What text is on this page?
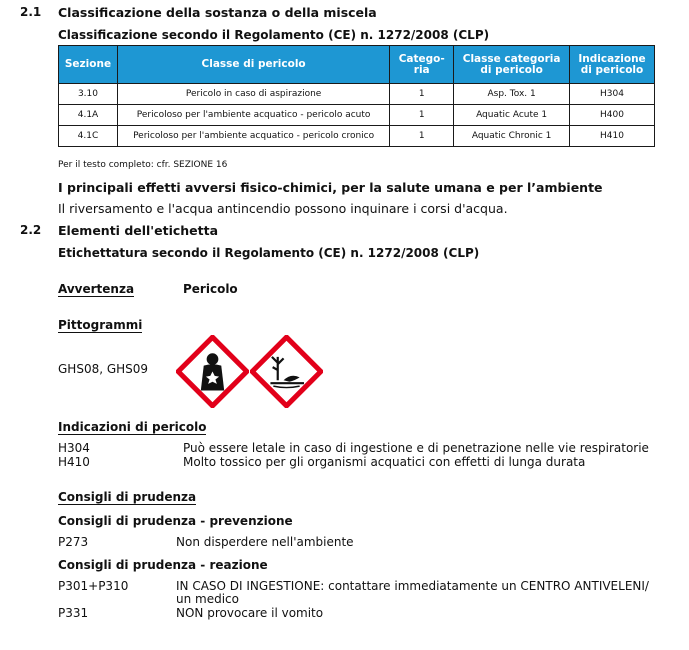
2.1 Classificazione della sostanza o della miscela
Classificazione secondo il Regolamento (CE) n. 1272/2008 (CLP)
Sezione	Classe di pericolo	Catego-ria	Classe categoria di pericolo	Indicazione di pericolo
3.10	Pericolo in caso di aspirazione	1	Asp. Tox. 1	H304
4.1A	Pericoloso per l'ambiente acquatico - pericolo acuto	1	Aquatic Acute 1	H400
4.1C	Pericoloso per l'ambiente acquatico - pericolo cronico	1	Aquatic Chronic 1	H410
Per il testo completo: cfr. SEZIONE 16
I principali effetti avversi fisico-chimici, per la salute umana e per l’ambiente
Il riversamento e l'acqua antincendio possono inquinare i corsi d'acqua.
2.2 Elementi dell'etichetta
Etichettatura secondo il Regolamento (CE) n. 1272/2008 (CLP)
Avvertenza	Pericolo
Pittogrammi
GHS08, GHS09
Indicazioni di pericolo
H304	Può essere letale in caso di ingestione e di penetrazione nelle vie respiratorie
H410	Molto tossico per gli organismi acquatici con effetti di lunga durata
Consigli di prudenza
Consigli di prudenza - prevenzione
P273	Non disperdere nell'ambiente
Consigli di prudenza - reazione
P301+P310	IN CASO DI INGESTIONE: contattare immediatamente un CENTRO ANTIVELENI/
un medico
P331	NON provocare il vomito
